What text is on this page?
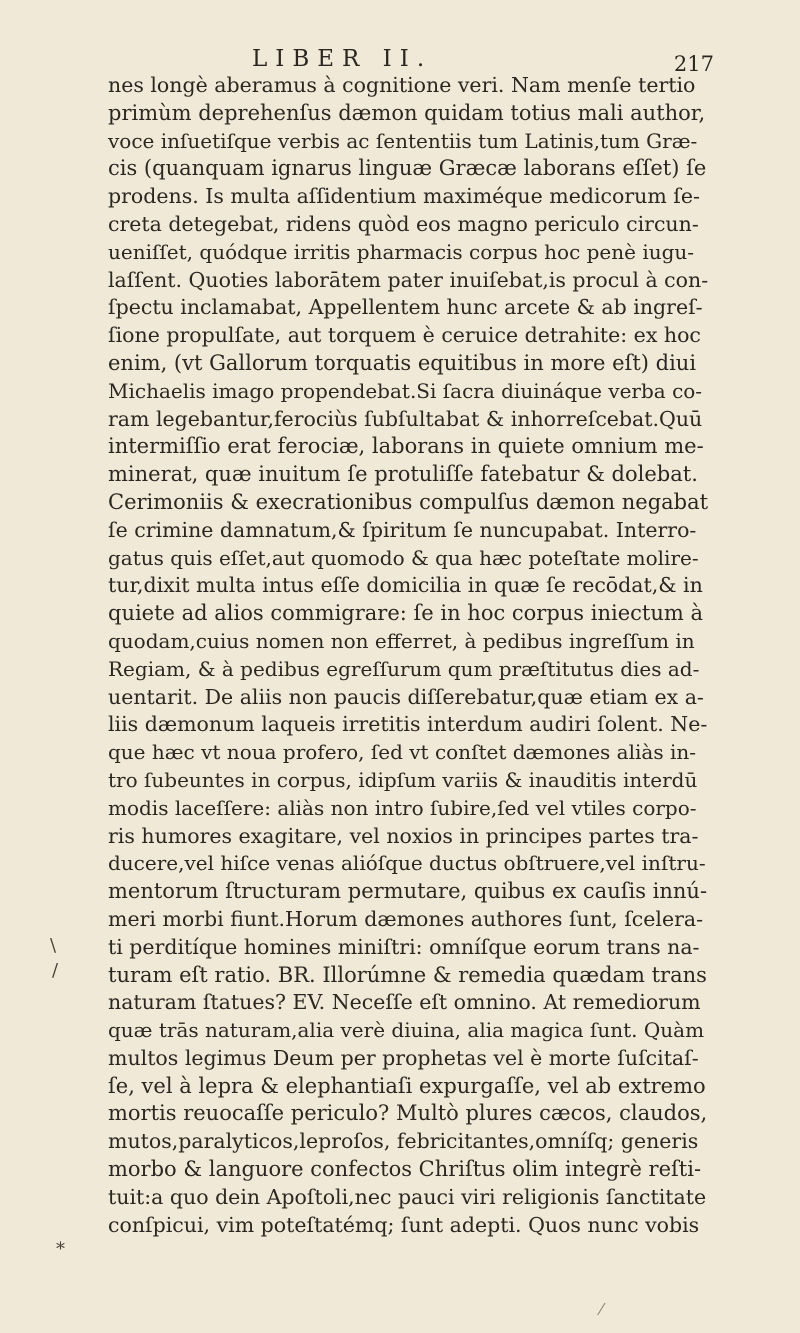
LIBER II.	217
nes longè aberamus à cognitione veri. Nam menſe tertio
primùm deprehenſus dæmon quidam totius mali author,
voce inſuetiſque verbis ac ſententiis tum Latinis,tum Græ-
cis (quanquam ignarus linguæ Græcæ laborans eſſet) ſe
prodens. Is multa aſſidentium maximéque medicorum ſe-
creta detegebat, ridens quòd eos magno periculo circun-
ueniſſet, quódque irritis pharmacis corpus hoc penè iugu-
laſſent. Quoties laborātem pater inuiſebat,is procul à con-
ſpectu inclamabat, Appellentem hunc arcete & ab ingreſ-
ſione propulſate, aut torquem è ceruice detrahite: ex hoc
enim, (vt Gallorum torquatis equitibus in more eſt) diui
Michaelis imago propendebat.Si ſacra diuináque verba co-
ram legebantur,ferociùs ſubſultabat & inhorreſcebat.Quū
intermiſſio erat ferociæ, laborans in quiete omnium me-
minerat, quæ inuitum ſe protuliſſe fatebatur & dolebat.
Cerimoniis & execrationibus compulſus dæmon negabat
ſe crimine damnatum,& ſpiritum ſe nuncupabat. Interro-
gatus quis eſſet,aut quomodo & qua hæc poteſtate molire-
tur,dixit multa intus eſſe domicilia in quæ ſe recōdat,& in
quiete ad alios commigrare: ſe in hoc corpus iniectum à
quodam,cuius nomen non efferret, à pedibus ingreſſum in
Regiam, & à pedibus egreſſurum qum præſtitutus dies ad-
uentarit. De aliis non paucis diſſerebatur,quæ etiam ex a-
liis dæmonum laqueis irretitis interdum audiri ſolent. Ne-
que hæc vt noua profero, ſed vt conſtet dæmones aliàs in-
tro ſubeuntes in corpus, idipſum variis & inauditis interdū
modis laceſſere: aliàs non intro ſubire,ſed vel vtiles corpo-
ris humores exagitare, vel noxios in principes partes tra-
ducere,vel hiſce venas alióſque ductus obſtruere,vel inſtru-
mentorum ſtructuram permutare, quibus ex cauſis innú-
meri morbi fiunt.Horum dæmones authores ſunt, ſcelera-
ti perditíque homines miniſtri: omníſque eorum trans na-
turam eſt ratio. BR. Illorúmne & remedia quædam trans
naturam ſtatues? EV. Neceſſe eſt omnino. At remediorum
quæ trās naturam,alia verè diuina, alia magica ſunt. Quàm
multos legimus Deum per prophetas vel è morte ſuſcitaſ-
ſe, vel à lepra & elephantiaſi expurgaſſe, vel ab extremo
mortis reuocaſſe periculo? Multò plures cæcos, claudos,
mutos,paralyticos,leproſos, febricitantes,omníſq; generis
morbo & languore confectos Chriſtus olim integrè reſti-
tuit:a quo dein Apoſtoli,nec pauci viri religionis ſanctitate
conſpicui, vim poteſtatémq; ſunt adepti. Quos nunc vobis
\
/
⁎
⁄
